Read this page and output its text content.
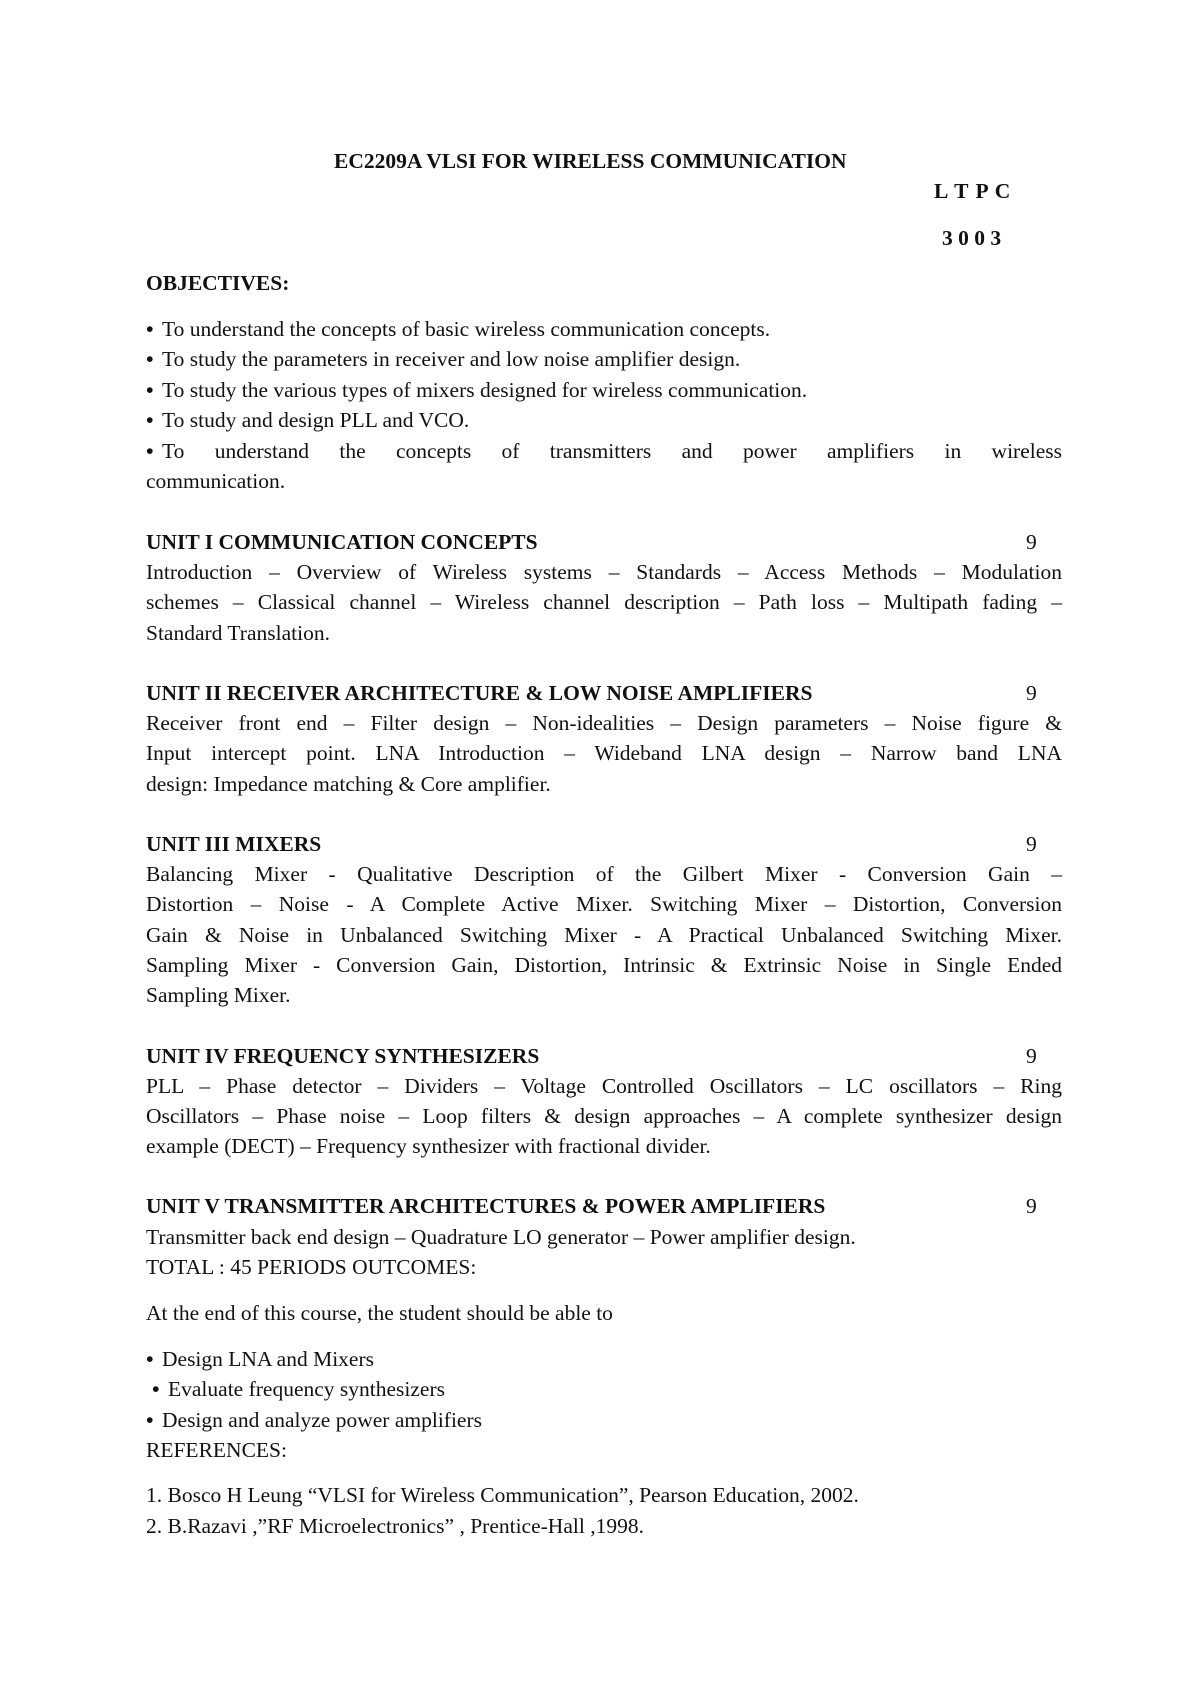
EC2209A VLSI FOR WIRELESS COMMUNICATION
L T P C
3 0 0 3
OBJECTIVES:
• To understand the concepts of basic wireless communication concepts.
• To study the parameters in receiver and low noise amplifier design.
• To study the various types of mixers designed for wireless communication.
• To study and design PLL and VCO.
• To understand the concepts of transmitters and power amplifiers in wireless
communication.
UNIT I COMMUNICATION CONCEPTS	9
Introduction – Overview of Wireless systems – Standards – Access Methods – Modulation
schemes – Classical channel – Wireless channel description – Path loss – Multipath fading –
Standard Translation.
UNIT II RECEIVER ARCHITECTURE & LOW NOISE AMPLIFIERS	9
Receiver front end – Filter design – Non-idealities – Design parameters – Noise figure &
Input intercept point. LNA Introduction – Wideband LNA design – Narrow band LNA
design: Impedance matching & Core amplifier.
UNIT III MIXERS	9
Balancing Mixer - Qualitative Description of the Gilbert Mixer - Conversion Gain –
Distortion – Noise - A Complete Active Mixer. Switching Mixer – Distortion, Conversion
Gain & Noise in Unbalanced Switching Mixer - A Practical Unbalanced Switching Mixer.
Sampling Mixer - Conversion Gain, Distortion, Intrinsic & Extrinsic Noise in Single Ended
Sampling Mixer.
UNIT IV FREQUENCY SYNTHESIZERS	9
PLL – Phase detector – Dividers – Voltage Controlled Oscillators – LC oscillators – Ring
Oscillators – Phase noise – Loop filters & design approaches – A complete synthesizer design
example (DECT) – Frequency synthesizer with fractional divider.
UNIT V TRANSMITTER ARCHITECTURES & POWER AMPLIFIERS	9
Transmitter back end design – Quadrature LO generator – Power amplifier design.
TOTAL : 45 PERIODS OUTCOMES:
At the end of this course, the student should be able to
• Design LNA and Mixers
• Evaluate frequency synthesizers
• Design and analyze power amplifiers
REFERENCES:
1. Bosco H Leung “VLSI for Wireless Communication”, Pearson Education, 2002.
2. B.Razavi ,”RF Microelectronics” , Prentice-Hall ,1998.
